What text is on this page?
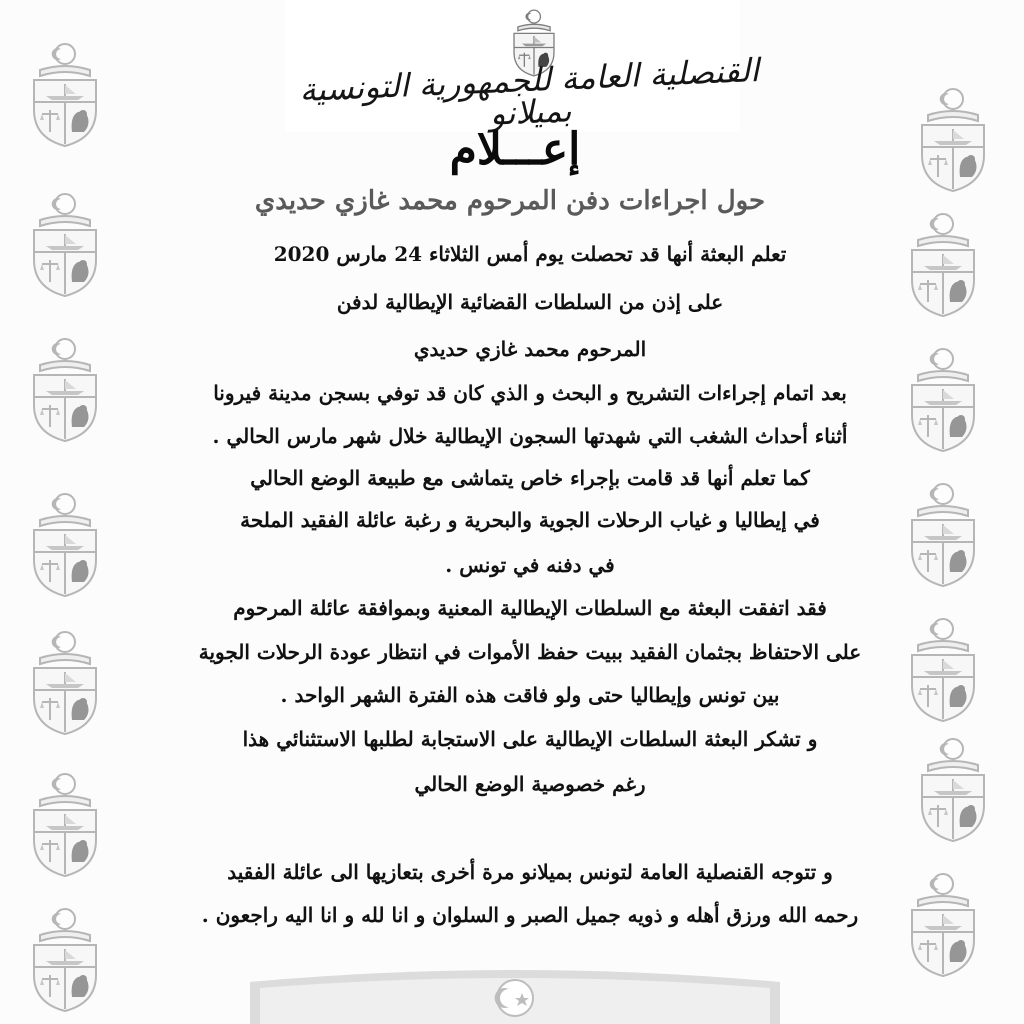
القنصلية العامة للجمهورية التونسية بميلانو
إعـــلام
حول اجراءات دفن المرحوم محمد غازي حديدي
تعلم البعثة أنها قد تحصلت يوم أمس الثلاثاء 24 مارس 2020
على إذن من السلطات القضائية الإيطالية لدفن
المرحوم محمد غازي حديدي
بعد اتمام إجراءات التشريح و البحث و الذي كان قد توفي بسجن مدينة فيرونا
أثناء أحداث الشغب التي شهدتها السجون الإيطالية خلال شهر مارس الحالي .
كما تعلم أنها قد قامت بإجراء خاص يتماشى مع طبيعة الوضع الحالي
في إيطاليا و غياب الرحلات الجوية والبحرية و رغبة عائلة الفقيد الملحة
في دفنه في تونس .
فقد اتفقت البعثة مع السلطات الإيطالية المعنية وبموافقة عائلة المرحوم
على الاحتفاظ بجثمان الفقيد ببيت حفظ الأموات في انتظار عودة الرحلات الجوية
بين تونس وإيطاليا حتى ولو فاقت هذه الفترة الشهر الواحد .
و تشكر البعثة السلطات الإيطالية على الاستجابة لطلبها الاستثنائي هذا
رغم خصوصية الوضع الحالي
و تتوجه القنصلية العامة لتونس بميلانو مرة أخرى بتعازيها الى عائلة الفقيد
رحمه الله ورزق أهله و ذويه جميل الصبر و السلوان و انا لله و انا اليه راجعون .
